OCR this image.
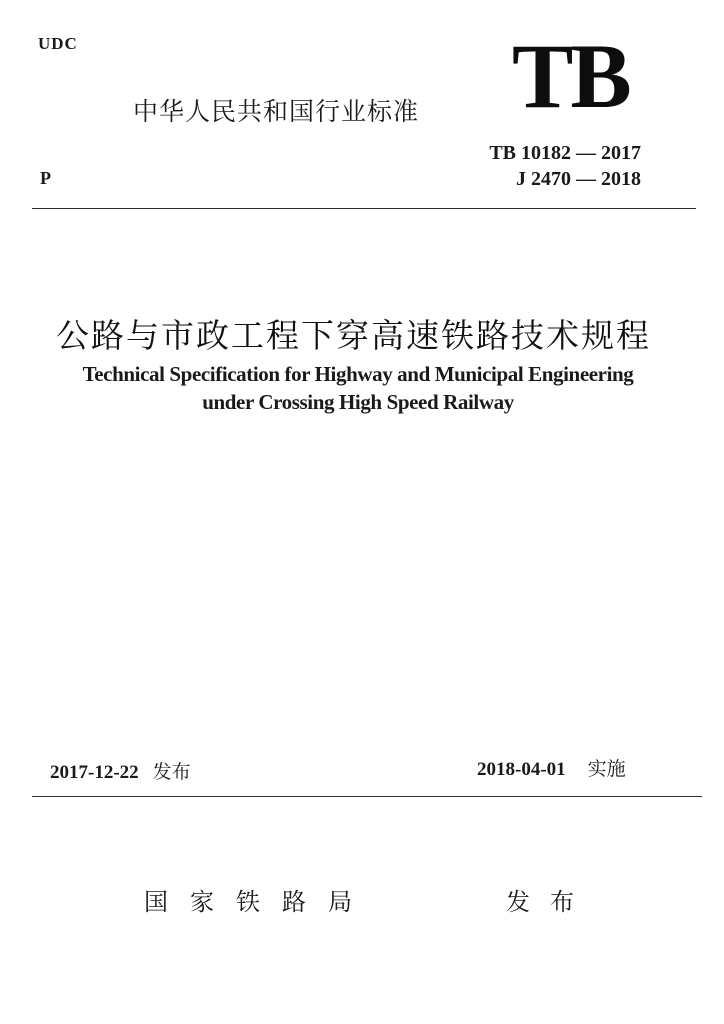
UDC
中华人民共和国行业标准 TB
TB 10182 — 2017
J 2470 — 2018
P
公路与市政工程下穿高速铁路技术规程
Technical Specification for Highway and Municipal Engineering
under Crossing High Speed Railway
2017-12-22 发布	2018-04-01 实施
国家铁路局	发布
